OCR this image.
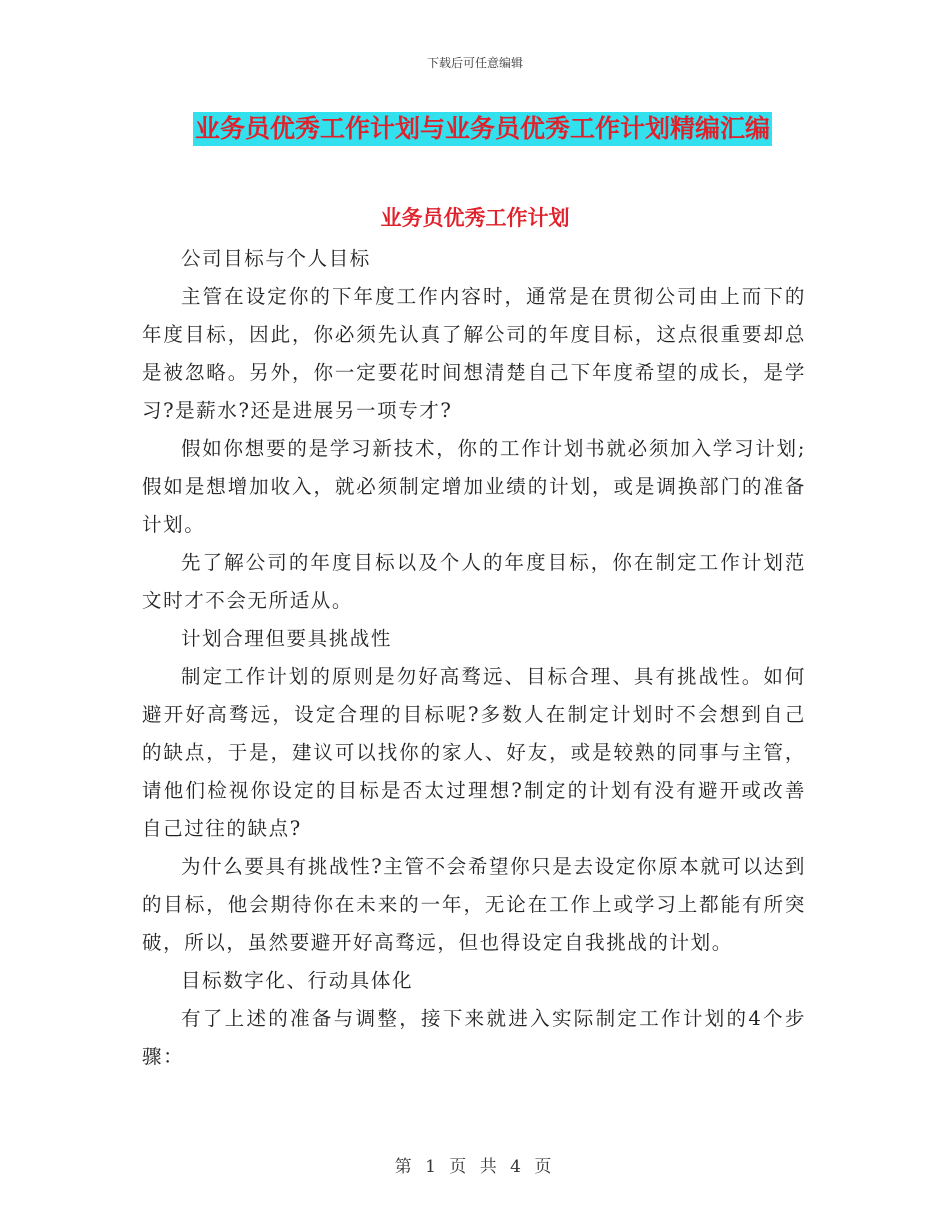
下载后可任意编辑
业务员优秀工作计划与业务员优秀工作计划精编汇编
业务员优秀工作计划

公司目标与个人目标

主管在设定你的下年度工作内容时，通常是在贯彻公司由上而下的年度目标，因此，你必须先认真了解公司的年度目标，这点很重要却总是被忽略。另外，你一定要花时间想清楚自己下年度希望的成长，是学习?是薪水?还是进展另一项专才?

假如你想要的是学习新技术，你的工作计划书就必须加入学习计划;假如是想增加收入，就必须制定增加业绩的计划，或是调换部门的准备计划。

先了解公司的年度目标以及个人的年度目标，你在制定工作计划范文时才不会无所适从。

计划合理但要具挑战性

制定工作计划的原则是勿好高骛远、目标合理、具有挑战性。如何避开好高骛远，设定合理的目标呢?多数人在制定计划时不会想到自己的缺点，于是，建议可以找你的家人、好友，或是较熟的同事与主管，请他们检视你设定的目标是否太过理想?制定的计划有没有避开或改善自己过往的缺点?

为什么要具有挑战性?主管不会希望你只是去设定你原本就可以达到的目标，他会期待你在未来的一年，无论在工作上或学习上都能有所突破，所以，虽然要避开好高骛远，但也得设定自我挑战的计划。

目标数字化、行动具体化

有了上述的准备与调整，接下来就进入实际制定工作计划的4个步骤：

第 1 页 共 4 页
